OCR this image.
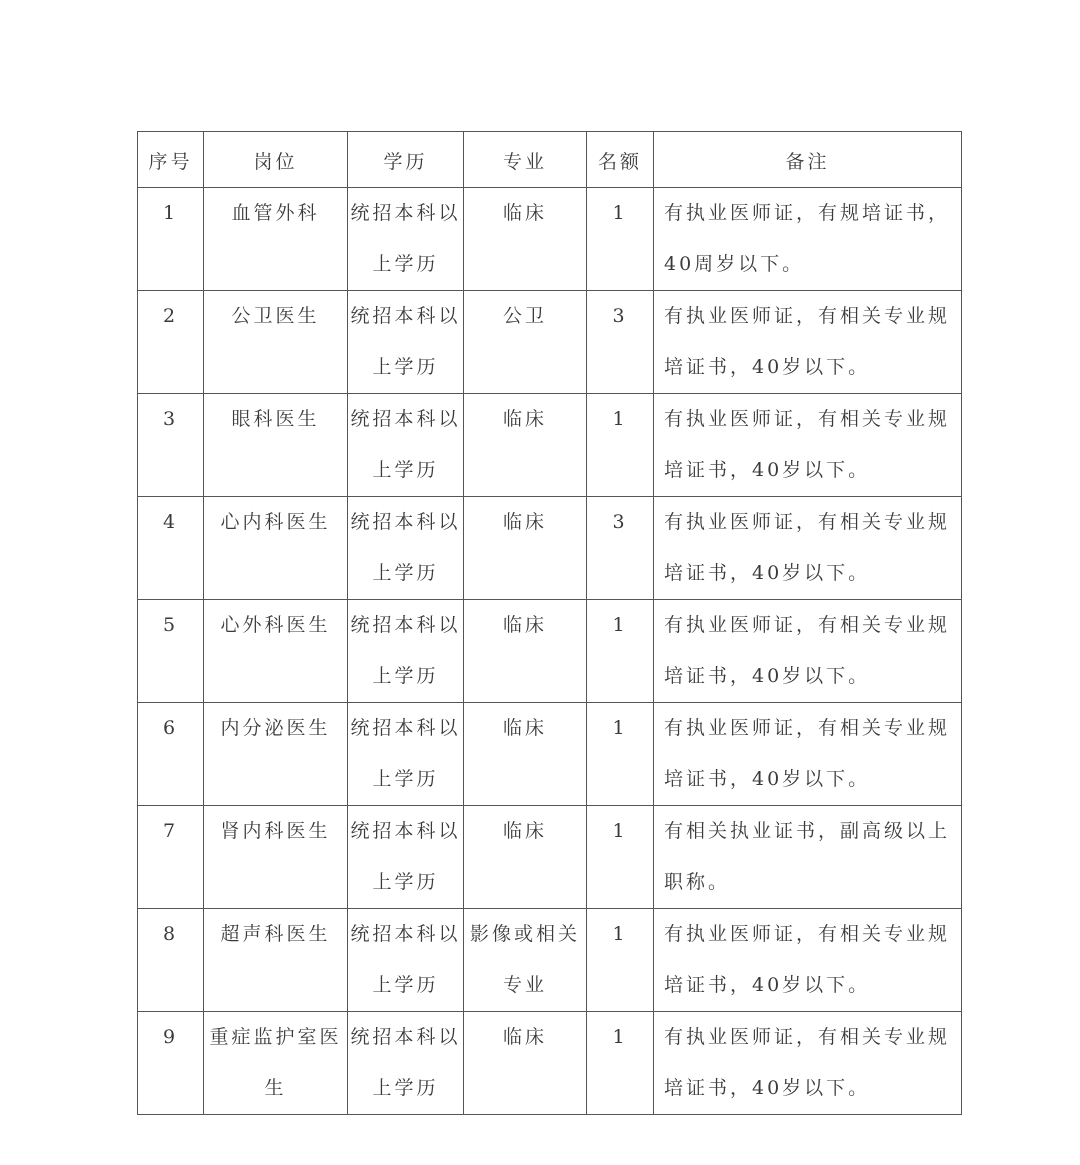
序号	岗位	学历	专业	名额	备注
1	血管外科	统招本科以上学历	临床	1	有执业医师证，有规培证书，40周岁以下。
2	公卫医生	统招本科以上学历	公卫	3	有执业医师证，有相关专业规培证书，40岁以下。
3	眼科医生	统招本科以上学历	临床	1	有执业医师证，有相关专业规培证书，40岁以下。
4	心内科医生	统招本科以上学历	临床	3	有执业医师证，有相关专业规培证书，40岁以下。
5	心外科医生	统招本科以上学历	临床	1	有执业医师证，有相关专业规培证书，40岁以下。
6	内分泌医生	统招本科以上学历	临床	1	有执业医师证，有相关专业规培证书，40岁以下。
7	肾内科医生	统招本科以上学历	临床	1	有相关执业证书，副高级以上职称。
8	超声科医生	统招本科以上学历	影像或相关专业	1	有执业医师证，有相关专业规培证书，40岁以下。
9	重症监护室医生	统招本科以上学历	临床	1	有执业医师证，有相关专业规培证书，40岁以下。
